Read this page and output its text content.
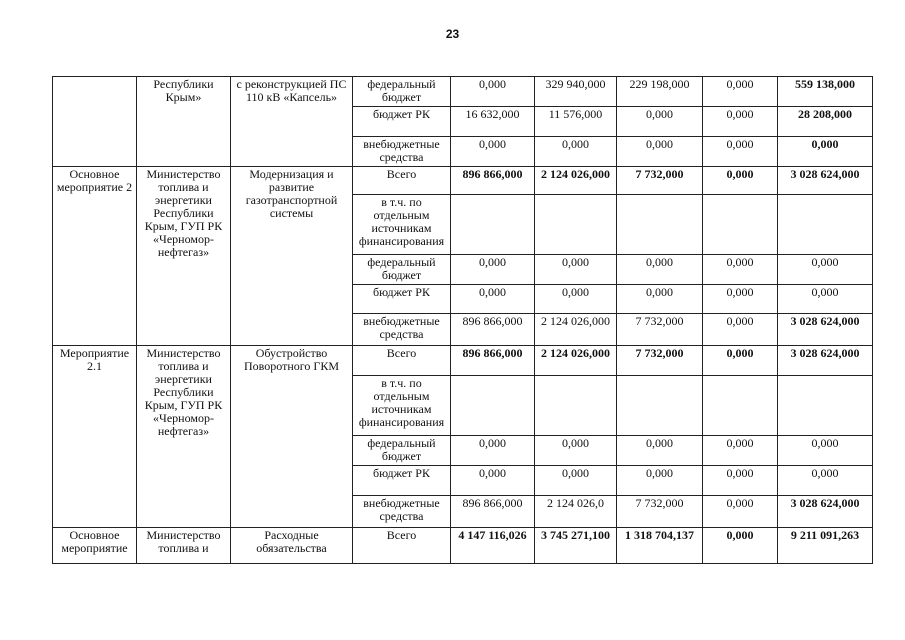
23
	Республики Крым»	с реконструкцией ПС 110 кВ «Капсель»	федеральный бюджет	0,000	329 940,000	229 198,000	0,000	559 138,000
			бюджет РК	16 632,000	11 576,000	0,000	0,000	28 208,000
			внебюджетные средства	0,000	0,000	0,000	0,000	0,000
Основное мероприятие 2	Министерство топлива и энергетики Республики Крым, ГУП РК «Черномор-нефтегаз»	Модернизация и развитие газотранспортной системы	Всего	896 866,000	2 124 026,000	7 732,000	0,000	3 028 624,000
			в т.ч. по отдельным источникам финансирования					
			федеральный бюджет	0,000	0,000	0,000	0,000	0,000
			бюджет РК	0,000	0,000	0,000	0,000	0,000
			внебюджетные средства	896 866,000	2 124 026,000	7 732,000	0,000	3 028 624,000
Мероприятие 2.1	Министерство топлива и энергетики Республики Крым, ГУП РК «Черномор-нефтегаз»	Обустройство Поворотного ГКМ	Всего	896 866,000	2 124 026,000	7 732,000	0,000	3 028 624,000
			в т.ч. по отдельным источникам финансирования					
			федеральный бюджет	0,000	0,000	0,000	0,000	0,000
			бюджет РК	0,000	0,000	0,000	0,000	0,000
			внебюджетные средства	896 866,000	2 124 026,0	7 732,000	0,000	3 028 624,000
Основное мероприятие	Министерство топлива и	Расходные обязательства	Всего	4 147 116,026	3 745 271,100	1 318 704,137	0,000	9 211 091,263
